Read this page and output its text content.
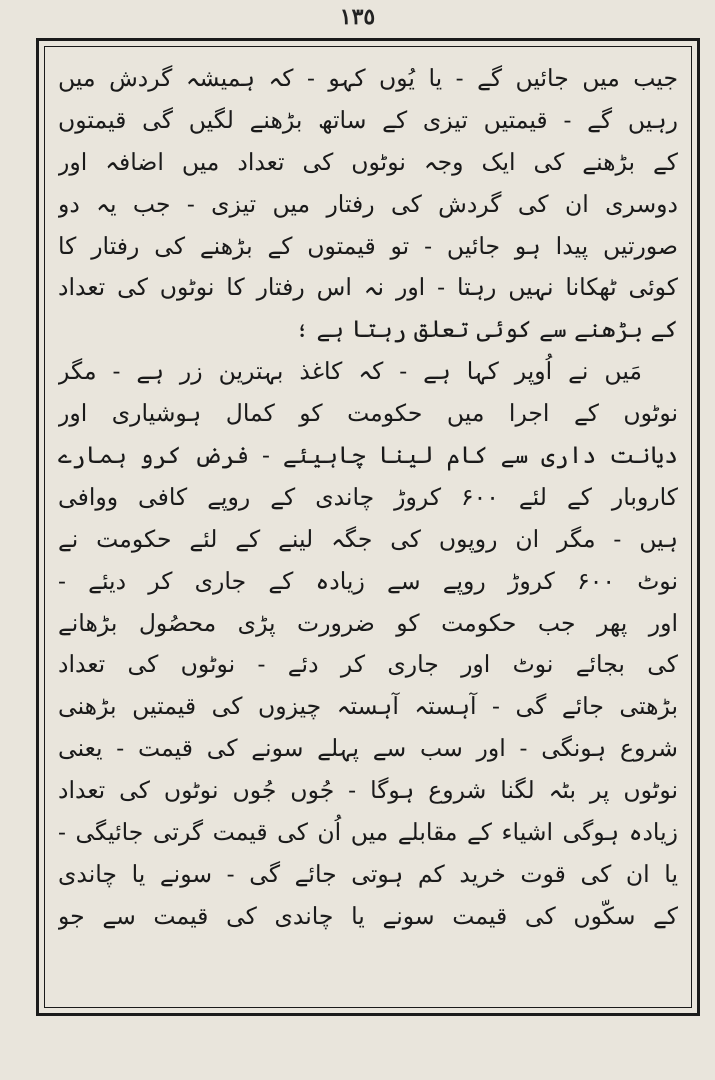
١٣٥
جیب میں جائیں گے - یا یُوں کہو - کہ ہمیشہ گردش میں
رہیں گے - قیمتیں تیزی کے ساتھ بڑھنے لگیں گی قیمتوں
کے بڑھنے کی ایک وجہ نوٹوں کی تعداد میں اضافہ اور
دوسری ان کی گردش کی رفتار میں تیزی - جب یہ دو
صورتیں پیدا ہو جائیں - تو قیمتوں کے بڑھنے کی رفتار کا
کوئی ٹھکانا نہیں رہتا - اور نہ اس رفتار کا نوٹوں کی تعداد
کے بڑھنے سے کوئی تعلق رہتا ہے ؛
مَیں نے اُوپر کہا ہے - کہ کاغذ بہترین زر ہے - مگر
نوٹوں کے اجرا میں حکومت کو کمال ہوشیاری اور
دیانت داری سے کام لینا چاہیئے - فرض کرو ہمارے
کاروبار کے لئے ۶۰۰ کروڑ چاندی کے روپے کافی ووافی
ہیں - مگر ان روپوں کی جگہ لینے کے لئے حکومت نے
نوٹ ۶۰۰ کروڑ روپے سے زیادہ کے جاری کر دیئے -
اور پھر جب حکومت کو ضرورت پڑی محصُول بڑھانے
کی بجائے نوٹ اور جاری کر دئے - نوٹوں کی تعداد
بڑھتی جائے گی - آہستہ آہستہ چیزوں کی قیمتیں بڑھنی
شروع ہونگی - اور سب سے پہلے سونے کی قیمت - یعنی
نوٹوں پر بٹہ لگنا شروع ہوگا - جُوں جُوں نوٹوں کی تعداد
زیادہ ہوگی اشیاء کے مقابلے میں اُن کی قیمت گرتی جائیگی -
یا ان کی قوت خرید کم ہوتی جائے گی - سونے یا چاندی
کے سکّوں کی قیمت سونے یا چاندی کی قیمت سے جو
